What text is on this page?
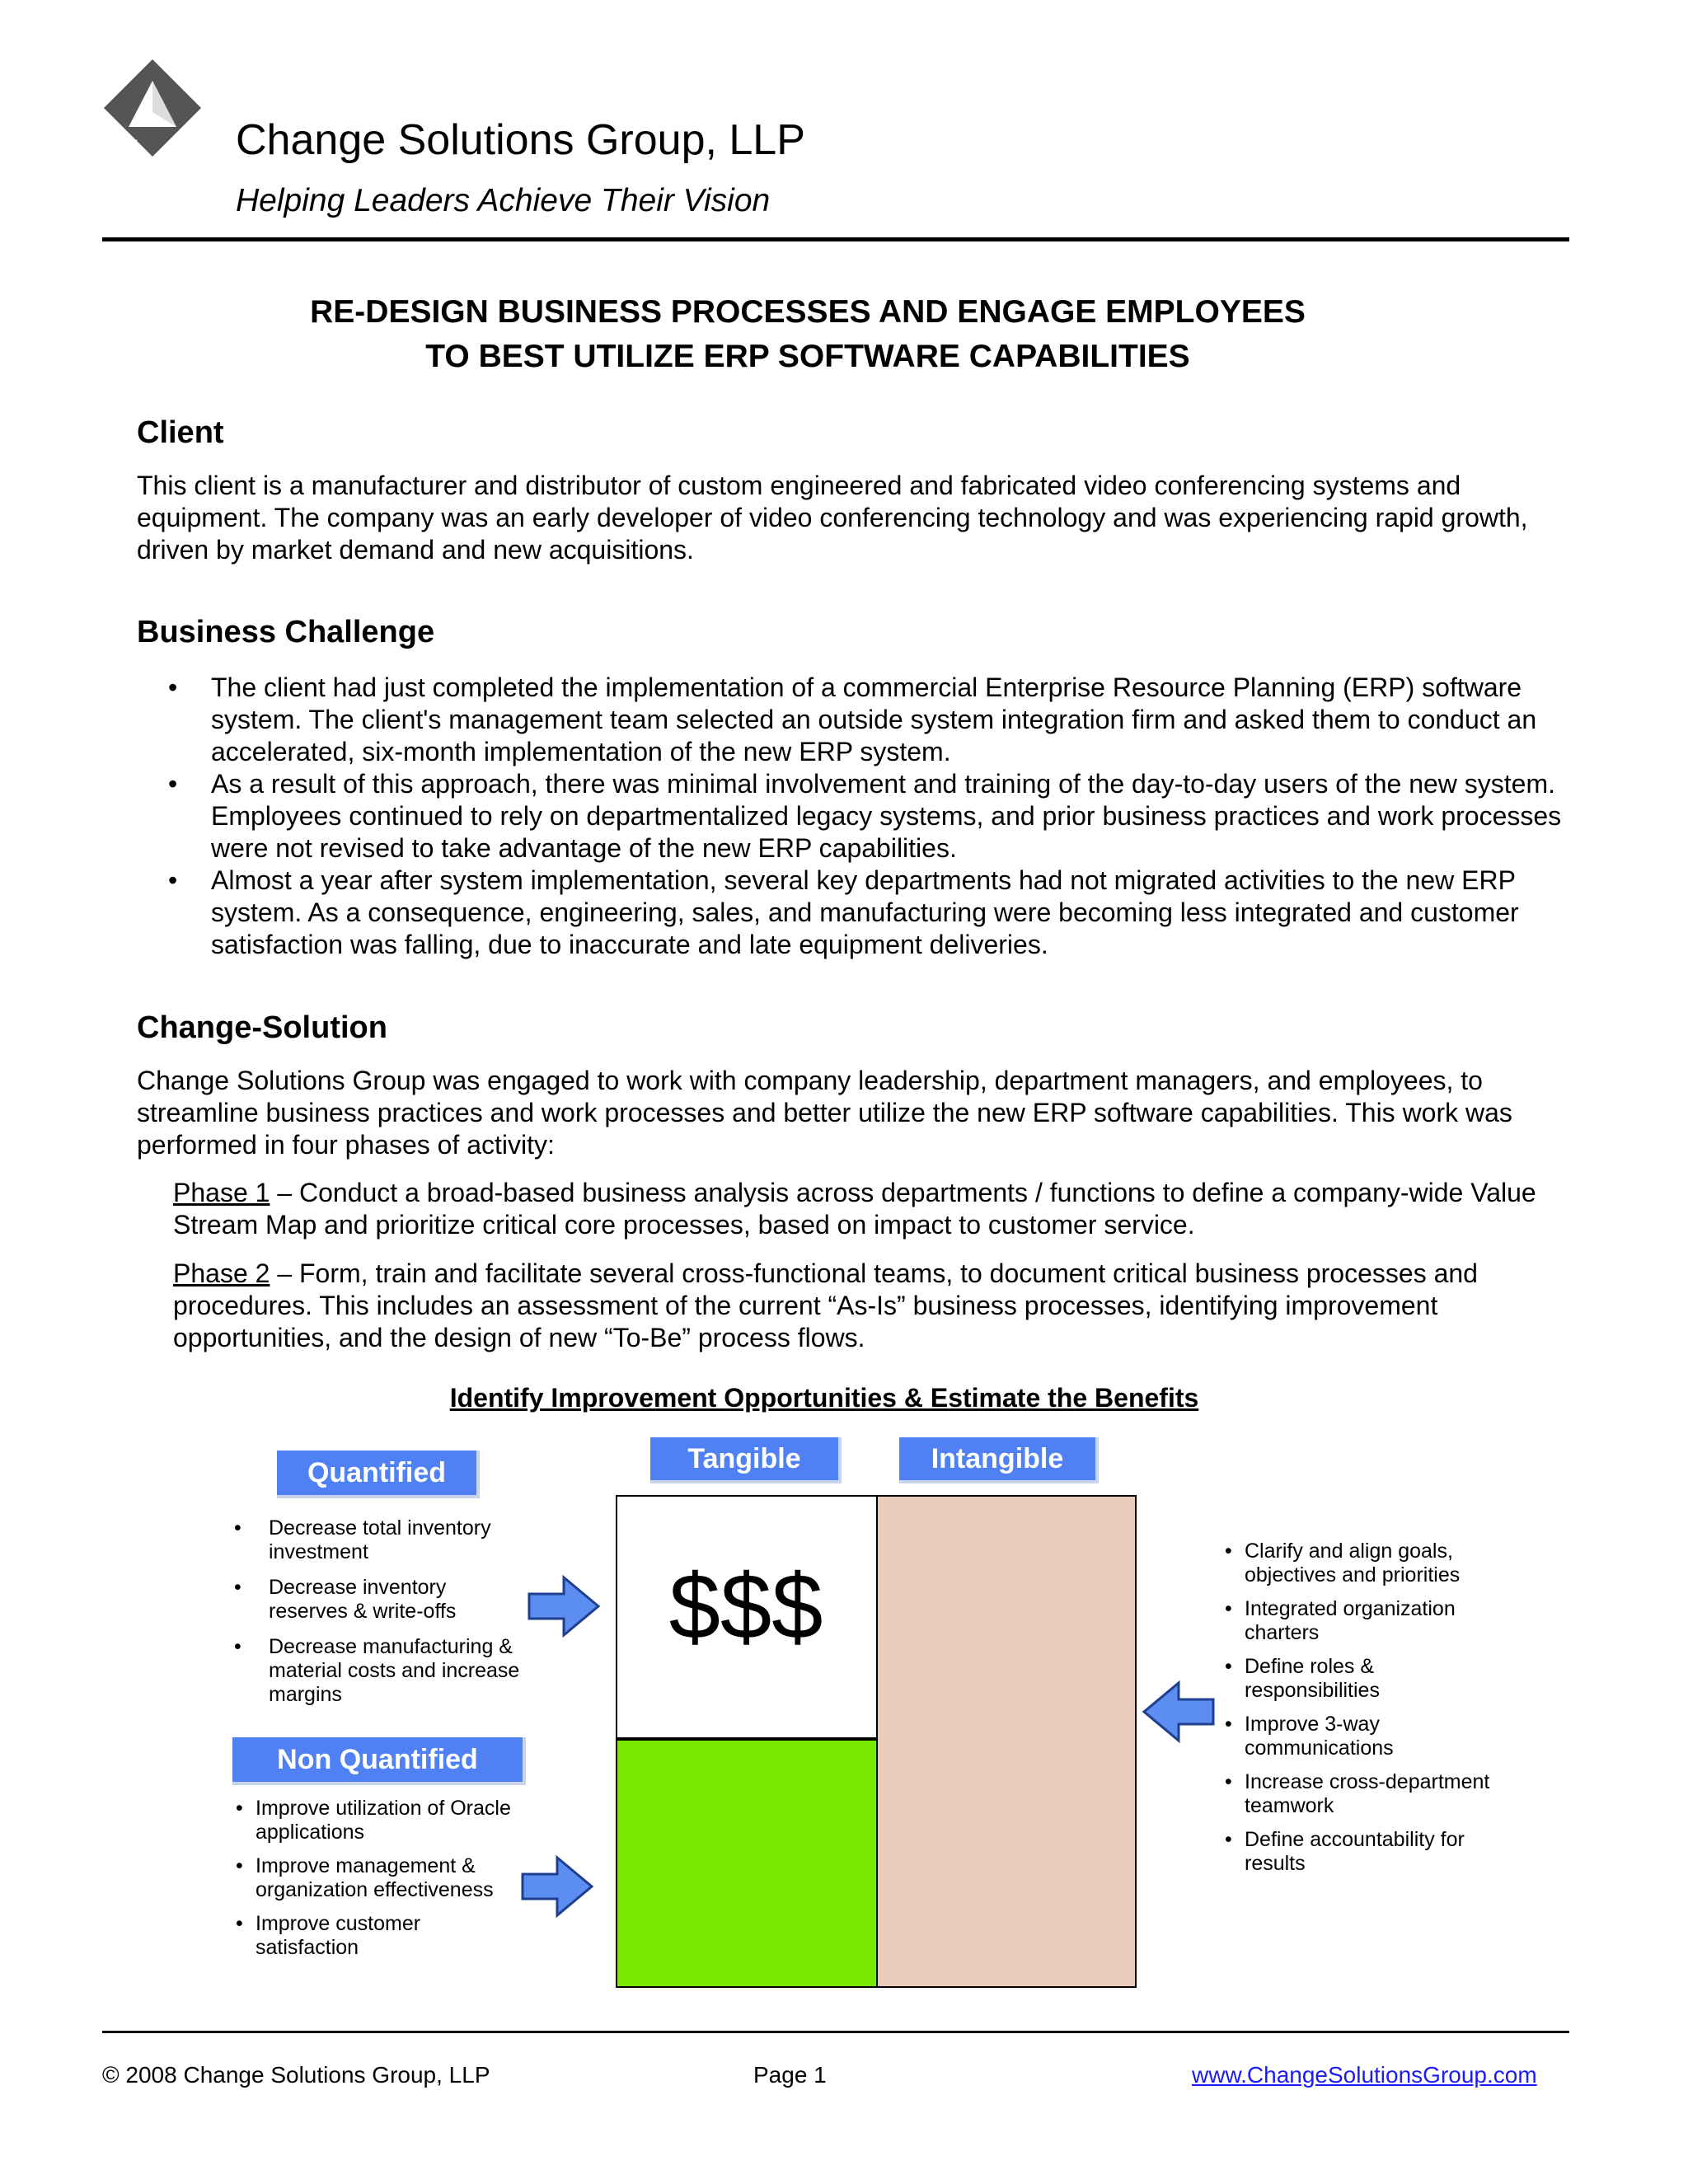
TM Change Solutions Group, LLP
Helping Leaders Achieve Their Vision
RE-DESIGN BUSINESS PROCESSES AND ENGAGE EMPLOYEES
TO BEST UTILIZE ERP SOFTWARE CAPABILITIES
Client
This client is a manufacturer and distributor of custom engineered and fabricated video conferencing systems and equipment. The company was an early developer of video conferencing technology and was experiencing rapid growth, driven by market demand and new acquisitions.
Business Challenge
• The client had just completed the implementation of a commercial Enterprise Resource Planning (ERP) software system. The client's management team selected an outside system integration firm and asked them to conduct an accelerated, six-month implementation of the new ERP system.
• As a result of this approach, there was minimal involvement and training of the day-to-day users of the new system. Employees continued to rely on departmentalized legacy systems, and prior business practices and work processes were not revised to take advantage of the new ERP capabilities.
• Almost a year after system implementation, several key departments had not migrated activities to the new ERP system. As a consequence, engineering, sales, and manufacturing were becoming less integrated and customer satisfaction was falling, due to inaccurate and late equipment deliveries.
Change-Solution
Change Solutions Group was engaged to work with company leadership, department managers, and employees, to streamline business practices and work processes and better utilize the new ERP software capabilities. This work was performed in four phases of activity:
Phase 1 – Conduct a broad-based business analysis across departments / functions to define a company-wide Value Stream Map and prioritize critical core processes, based on impact to customer service.
Phase 2 – Form, train and facilitate several cross-functional teams, to document critical business processes and procedures. This includes an assessment of the current “As-Is” business processes, identifying improvement opportunities, and the design of new “To-Be” process flows.
Identify Improvement Opportunities & Estimate the Benefits
Tangible	Intangible
Quantified
Non Quantified
• Decrease total inventory investment
• Decrease inventory reserves & write-offs
• Decrease manufacturing & material costs and increase margins
• Improve utilization of Oracle applications
• Improve management & organization effectiveness
• Improve customer satisfaction
• Clarify and align goals, objectives and priorities
• Integrated organization charters
• Define roles & responsibilities
• Improve 3-way communications
• Increase cross-department teamwork
• Define accountability for results
$$$
© 2008 Change Solutions Group, LLP	Page 1	www.ChangeSolutionsGroup.com
